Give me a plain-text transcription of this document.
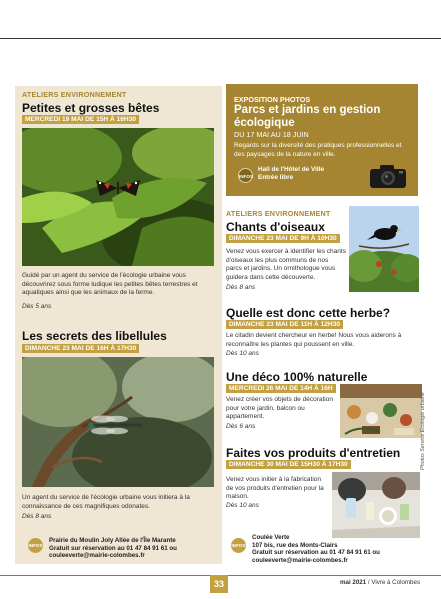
ATELIERS ENVIRONNEMENT
Petites et grosses bêtes
MERCREDI 19 MAI DE 15H À 16H30
Guidé par un agent du service de l'écologie urbaine vous découvrirez sous forme ludique les petites bêtes terrestres et aquatiques ainsi que les animaux de la ferme.
Dès 5 ans
Les secrets des libellules
DIMANCHE 23 MAI DE 16H À 17H30
Un agent du service de l'écologie urbaine vous initiera à la connaissance de ces magnifiques odonates.
Dès 8 ans
INFOS
Prairie du Moulin Joly Allée de l'Île Marante
Gratuit sur réservation au 01 47 84 91 61 ou couleeverte@mairie-colombes.fr
EXPOSITION PHOTOS
Parcs et jardins en gestion écologique
DU 17 MAI AU 18 JUIN
Regards sur la diversité des pratiques professionnelles et des paysages de la nature en ville.
INFOS
Hall de l'Hôtel de Ville
Entrée libre
ATELIERS ENVIRONNEMENT
Chants d'oiseaux
DIMANCHE 23 MAI DE 9H À 10H30
Venez vous exercer à identifier les chants d'oiseaux les plus communs de nos parcs et jardins. Un ornithologue vous guidera dans cette découverte.
Dès 8 ans
Quelle est donc cette herbe?
DIMANCHE 23 MAI DE 11H À 12H30
Le citadin devient chercheur en herbe! Nous vous aiderons à reconnaître les plantes qui poussent en ville.
Dès 10 ans
Une déco 100% naturelle
MERCREDI 26 MAI DE 14H À 16H
Venez créer vos objets de décoration pour votre jardin, balcon ou appartement.
Dès 6 ans
Faites vos produits d'entretien
DIMANCHE 30 MAI DE 15H30 À 17H30
Venez vous initier à la fabrication de vos produits d'entretien pour la maison.
Dès 10 ans
Photos Service Écologie urbaine
INFOS
Coulée Verte
107 bis, rue des Monts-Clairs
Gratuit sur réservation au 01 47 84 91 61 ou couleeverte@mairie-colombes.fr
33	mai 2021 / Vivre à Colombes
